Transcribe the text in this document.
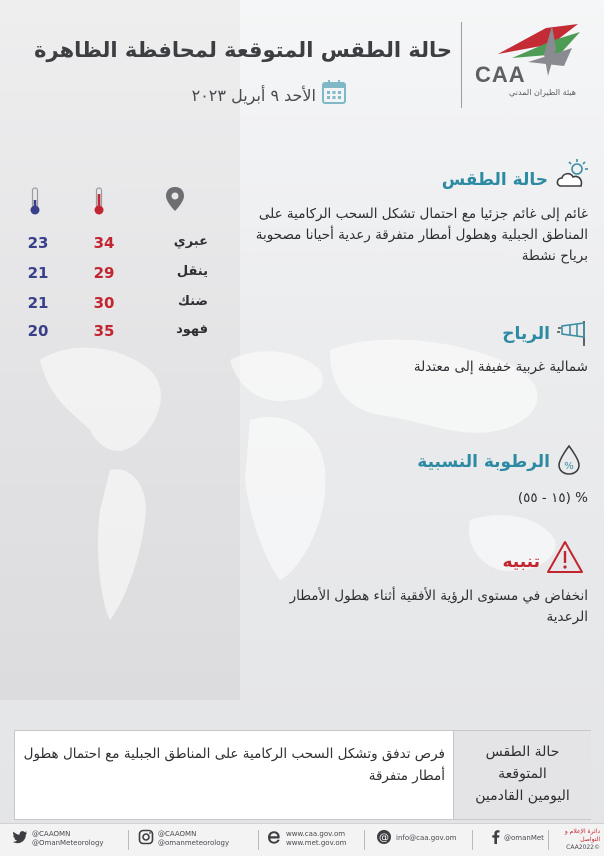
CAA
هيئة الطيران المدني
حالة الطقس المتوقعة لمحافظة الظاهرة
الأحد ٩ أبريل ٢٠٢٣
عبري
34
23
ينقل
29
21
ضنك
30
21
فهود
35
20
حالة الطقس
غائم إلى غائم جزئيا مع احتمال تشكل السحب الركامية على المناطق الجبلية وهطول أمطار متفرقة رعدية أحيانا مصحوبة برياح نشطة
الرياح
شمالية غربية خفيفة إلى معتدلة
%
الرطوبة النسبية
% (١٥ - ٥٥)
تنبيه
انخفاض في مستوى الرؤية الأفقية أثناء هطول الأمطار الرعدية
فرص تدفق وتشكل السحب الركامية على المناطق الجبلية مع احتمال هطول أمطار متفرقة
حالة الطقس
المتوقعة
اليومين القادمين
@CAAOMN
@OmanMeteorology
@CAAOMN
@omanmeteorology
www.caa.gov.om
www.met.gov.om	@ info@caa.gov.om	@omanMet
دائرة الإعلام و التواصل
©CAA2022
